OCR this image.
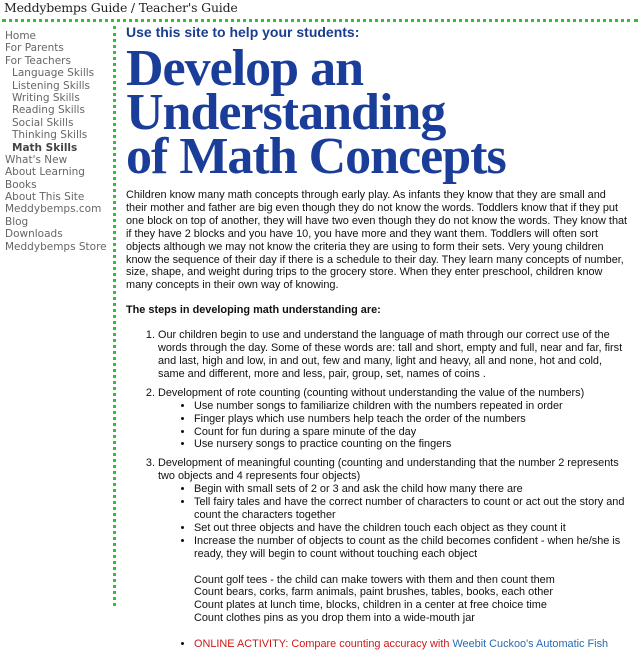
Meddybemps Guide / Teacher's Guide
Home
For Parents
For Teachers
Language Skills
Listening Skills
Writing Skills
Reading Skills
Social Skills
Thinking Skills
Math Skills
What's New
About Learning
Books
About This Site
Meddybemps.com
Blog
Downloads
Meddybemps Store
Use this site to help your students:
Develop an Understanding
of Math Concepts

Children know many math concepts through early play. As infants they know that they are small and their mother and father are big even though they do not know the words. Toddlers know that if they put one block on top of another, they will have two even though they do not know the words. They know that if they have 2 blocks and you have 10, you have more and they want them. Toddlers will often sort objects although we may not know the criteria they are using to form their sets. Very young children know the sequence of their day if there is a schedule to their day. They learn many concepts of number, size, shape, and weight during trips to the grocery store. When they enter preschool, children know many concepts in their own way of knowing.

The steps in developing math understanding are:

1. Our children begin to use and understand the language of math through our correct use of the words through the day. Some of these words are: tall and short, empty and full, near and far, first and last, high and low, in and out, few and many, light and heavy, all and none, hot and cold, same and different, more and less, pair, group, set, names of coins .
2. Development of rote counting (counting without understanding the value of the numbers)
• Use number songs to familiarize children with the numbers repeated in order
• Finger plays which use numbers help teach the order of the numbers
• Count for fun during a spare minute of the day
• Use nursery songs to practice counting on the fingers
3. Development of meaningful counting (counting and understanding that the number 2 represents two objects and 4 represents four objects)
• Begin with small sets of 2 or 3 and ask the child how many there are
• Tell fairy tales and have the correct number of characters to count or act out the story and count the characters together
• Set out three objects and have the children touch each object as they count it
• Increase the number of objects to count as the child becomes confident - when he/she is ready, they will begin to count without touching each object
Count golf tees - the child can make towers with them and then count them
Count bears, corks, farm animals, paint brushes, tables, books, each other
Count plates at lunch time, blocks, children in a center at free choice time
Count clothes pins as you drop them into a wide-mouth jar
• ONLINE ACTIVITY: Compare counting accuracy with Weebit Cuckoo's Automatic Fish
